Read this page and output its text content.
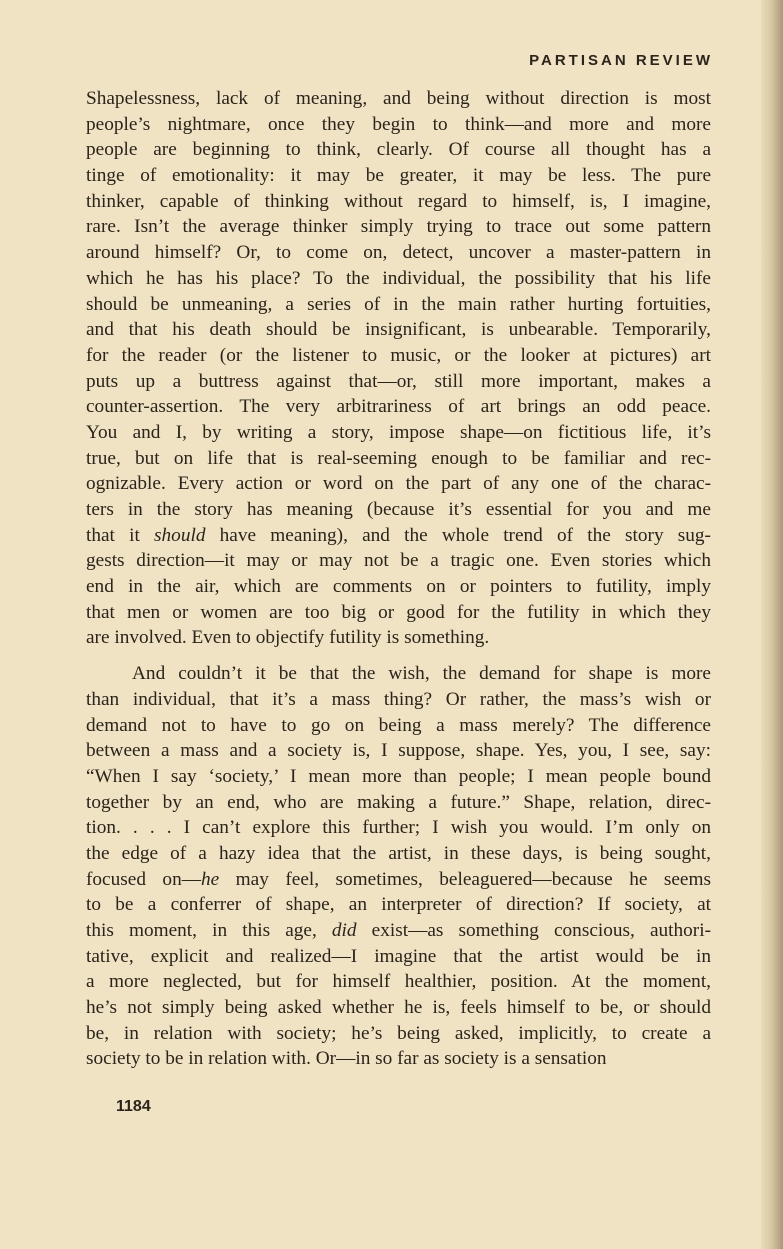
PARTISAN REVIEW
Shapelessness, lack of meaning, and being without direction is most
people’s nightmare, once they begin to think—and more and more
people are beginning to think, clearly. Of course all thought has a
tinge of emotionality: it may be greater, it may be less. The pure
thinker, capable of thinking without regard to himself, is, I imagine,
rare. Isn’t the average thinker simply trying to trace out some pattern
around himself? Or, to come on, detect, uncover a master-pattern in
which he has his place? To the individual, the possibility that his life
should be unmeaning, a series of in the main rather hurting fortuities,
and that his death should be insignificant, is unbearable. Temporarily,
for the reader (or the listener to music, or the looker at pictures) art
puts up a buttress against that—or, still more important, makes a
counter-assertion. The very arbitrariness of art brings an odd peace.
You and I, by writing a story, impose shape—on fictitious life, it’s
true, but on life that is real-seeming enough to be familiar and rec-
ognizable. Every action or word on the part of any one of the charac-
ters in the story has meaning (because it’s essential for you and me
that it should have meaning), and the whole trend of the story sug-
gests direction—it may or may not be a tragic one. Even stories which
end in the air, which are comments on or pointers to futility, imply
that men or women are too big or good for the futility in which they
are involved. Even to objectify futility is something.
And couldn’t it be that the wish, the demand for shape is more
than individual, that it’s a mass thing? Or rather, the mass’s wish or
demand not to have to go on being a mass merely? The difference
between a mass and a society is, I suppose, shape. Yes, you, I see, say:
“When I say ‘society,’ I mean more than people; I mean people bound
together by an end, who are making a future.” Shape, relation, direc-
tion. . . . I can’t explore this further; I wish you would. I’m only on
the edge of a hazy idea that the artist, in these days, is being sought,
focused on—he may feel, sometimes, beleaguered—because he seems
to be a conferrer of shape, an interpreter of direction? If society, at
this moment, in this age, did exist—as something conscious, authori-
tative, explicit and realized—I imagine that the artist would be in
a more neglected, but for himself healthier, position. At the moment,
he’s not simply being asked whether he is, feels himself to be, or should
be, in relation with society; he’s being asked, implicitly, to create a
society to be in relation with. Or—in so far as society is a sensation
1184
